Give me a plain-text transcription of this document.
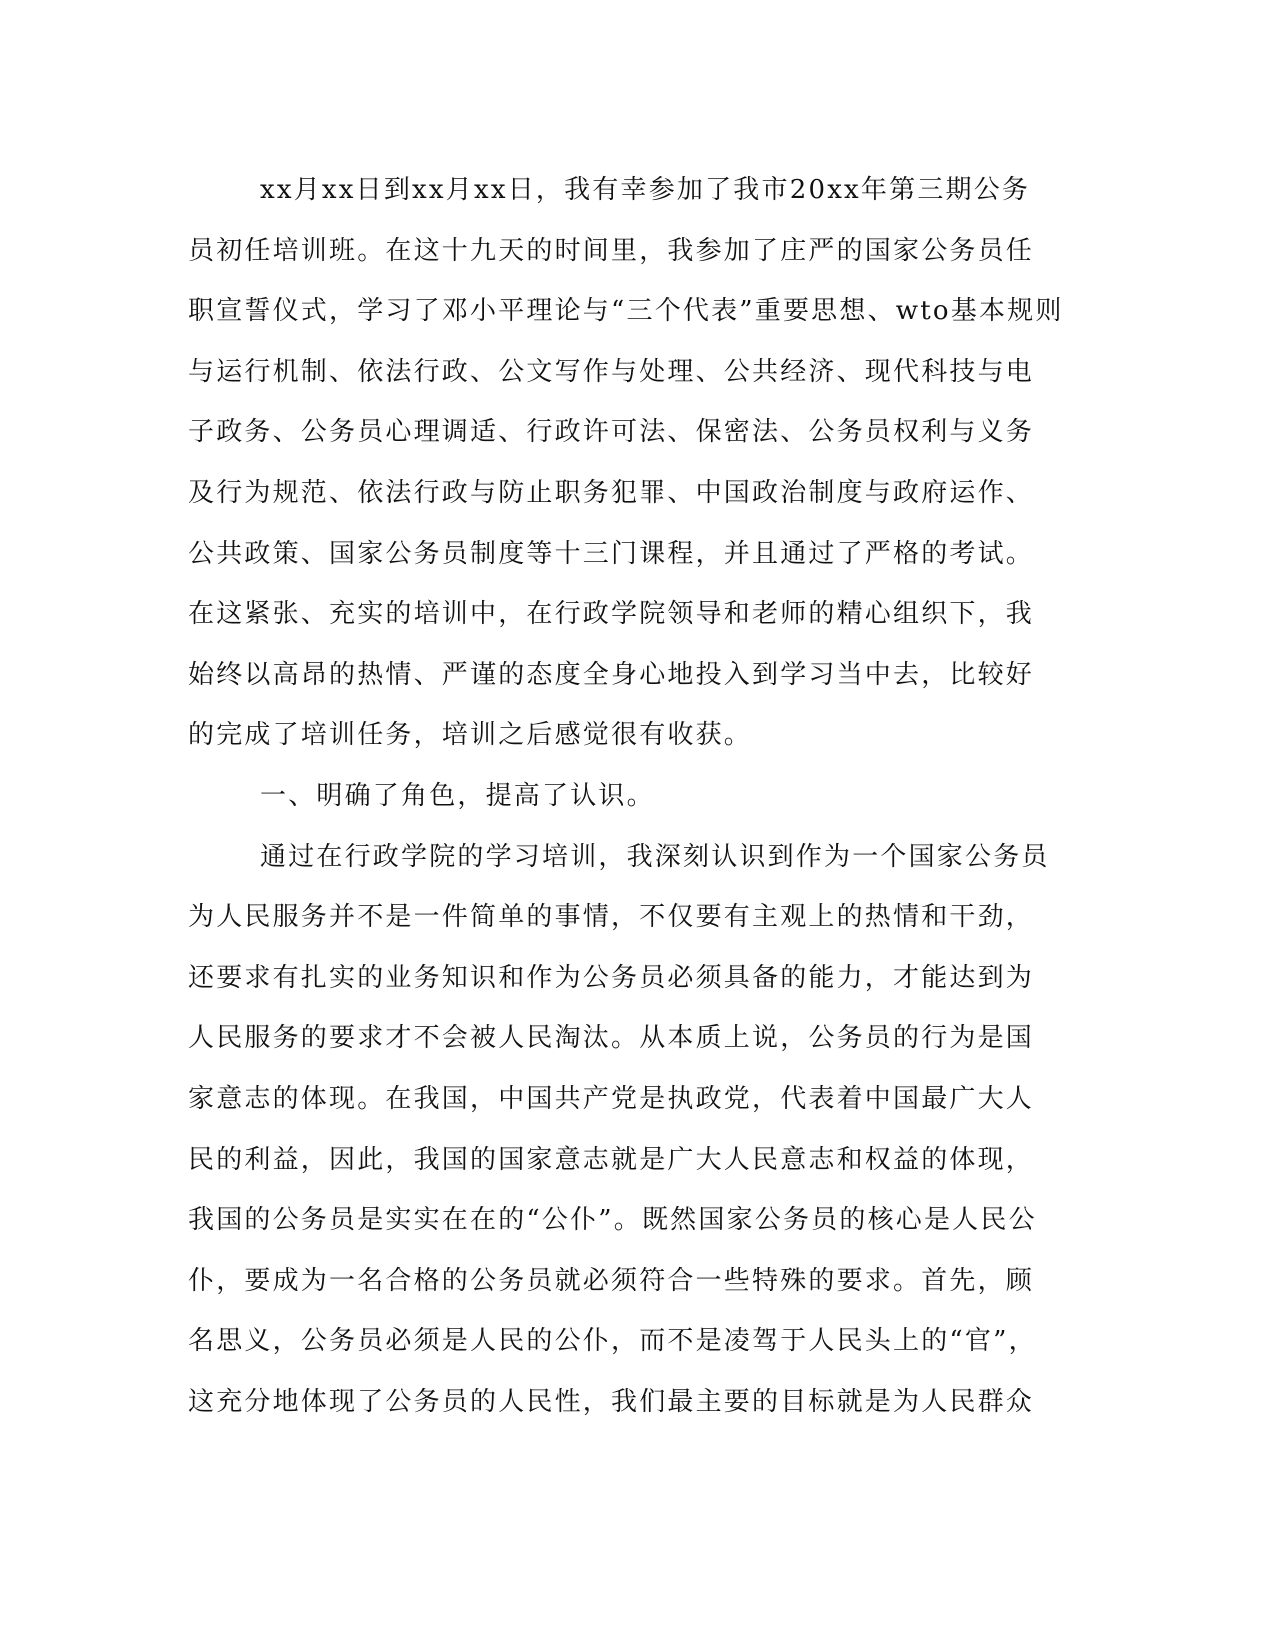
xx月xx日到xx月xx日，我有幸参加了我市20xx年第三期公务

员初任培训班。在这十九天的时间里，我参加了庄严的国家公务员任

职宣誓仪式，学习了邓小平理论与“三个代表”重要思想、wto基本规则

与运行机制、依法行政、公文写作与处理、公共经济、现代科技与电

子政务、公务员心理调适、行政许可法、保密法、公务员权利与义务

及行为规范、依法行政与防止职务犯罪、中国政治制度与政府运作、

公共政策、国家公务员制度等十三门课程，并且通过了严格的考试。

在这紧张、充实的培训中，在行政学院领导和老师的精心组织下，我

始终以高昂的热情、严谨的态度全身心地投入到学习当中去，比较好

的完成了培训任务，培训之后感觉很有收获。

一、明确了角色，提高了认识。

通过在行政学院的学习培训，我深刻认识到作为一个国家公务员

为人民服务并不是一件简单的事情，不仅要有主观上的热情和干劲，

还要求有扎实的业务知识和作为公务员必须具备的能力，才能达到为

人民服务的要求才不会被人民淘汰。从本质上说，公务员的行为是国

家意志的体现。在我国，中国共产党是执政党，代表着中国最广大人

民的利益，因此，我国的国家意志就是广大人民意志和权益的体现，

我国的公务员是实实在在的“公仆”。既然国家公务员的核心是人民公

仆，要成为一名合格的公务员就必须符合一些特殊的要求。首先，顾

名思义，公务员必须是人民的公仆，而不是凌驾于人民头上的“官”，

这充分地体现了公务员的人民性，我们最主要的目标就是为人民群众
